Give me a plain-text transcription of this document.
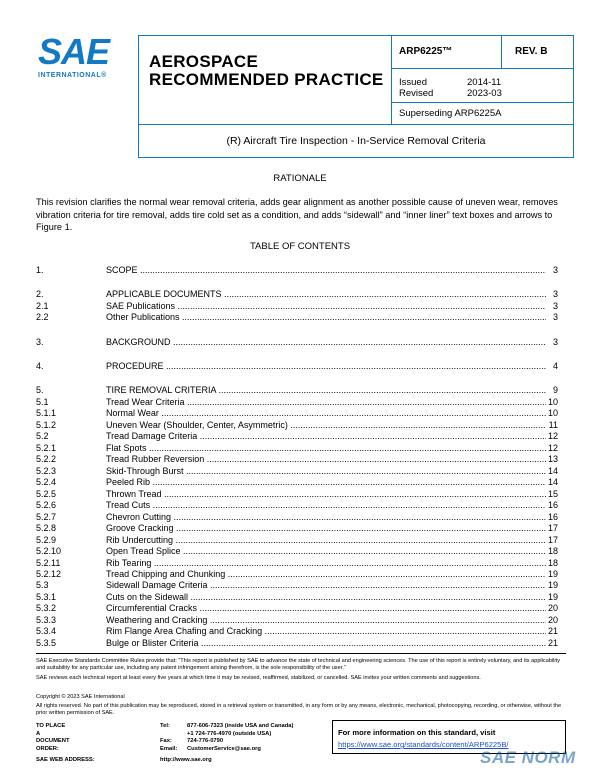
SAE
INTERNATIONAL®
AEROSPACE
RECOMMENDED PRACTICE
ARP6225™	REV. B
Issued	2014-11
Revised	2023-03
Superseding ARP6225A
(R) Aircraft Tire Inspection - In-Service Removal Criteria
RATIONALE
This revision clarifies the normal wear removal criteria, adds gear alignment as another possible cause of uneven wear, removes vibration criteria for tire removal, adds tire cold set as a condition, and adds “sidewall” and “inner liner” text boxes and arrows to Figure 1.
TABLE OF CONTENTS
1.	SCOPE .....	3
2.	APPLICABLE DOCUMENTS .....	3
2.1	SAE Publications .....	3
2.2	Other Publications .....	3
3.	BACKGROUND .....	3
4.	PROCEDURE .....	4
5.	TIRE REMOVAL CRITERIA .....	9
5.1	Tread Wear Criteria .....	10
5.1.1	Normal Wear .....	10
5.1.2	Uneven Wear (Shoulder, Center, Asymmetric) .....	11
5.2	Tread Damage Criteria .....	12
5.2.1	Flat Spots .....	12
5.2.2	Tread Rubber Reversion .....	13
5.2.3	Skid-Through Burst .....	14
5.2.4	Peeled Rib .....	14
5.2.5	Thrown Tread .....	15
5.2.6	Tread Cuts .....	16
5.2.7	Chevron Cutting .....	16
5.2.8	Groove Cracking .....	17
5.2.9	Rib Undercutting .....	17
5.2.10	Open Tread Splice .....	18
5.2.11	Rib Tearing .....	18
5.2.12	Tread Chipping and Chunking .....	19
5.3	Sidewall Damage Criteria .....	19
5.3.1	Cuts on the Sidewall .....	19
5.3.2	Circumferential Cracks .....	20
5.3.3	Weathering and Cracking .....	20
5.3.4	Rim Flange Area Chafing and Cracking .....	21
5.3.5	Bulge or Blister Criteria .....	21
SAE Executive Standards Committee Rules provide that: “This report is published by SAE to advance the state of technical and engineering sciences. The use of this report is entirely voluntary, and its applicability and suitability for any particular use, including any patent infringement arising therefrom, is the sole responsibility of the user.”
SAE reviews each technical report at least every five years at which time it may be revised, reaffirmed, stabilized, or cancelled. SAE invites your written comments and suggestions.
Copyright © 2023 SAE International
All rights reserved. No part of this publication may be reproduced, stored in a retrieval system or transmitted, in any form or by any means, electronic, mechanical, photocopying, recording, or otherwise, without the prior written permission of SAE.
TO PLACE A DOCUMENT ORDER:
Tel:	877-606-7323 (inside USA and Canada)
+1 724-776-4970 (outside USA)
Fax:	724-776-0790
Email: CustomerService@sae.org
SAE WEB ADDRESS:	http://www.sae.org
For more information on this standard, visit
https://www.sae.org/standards/content/ARP6225B/
SAE NORM
